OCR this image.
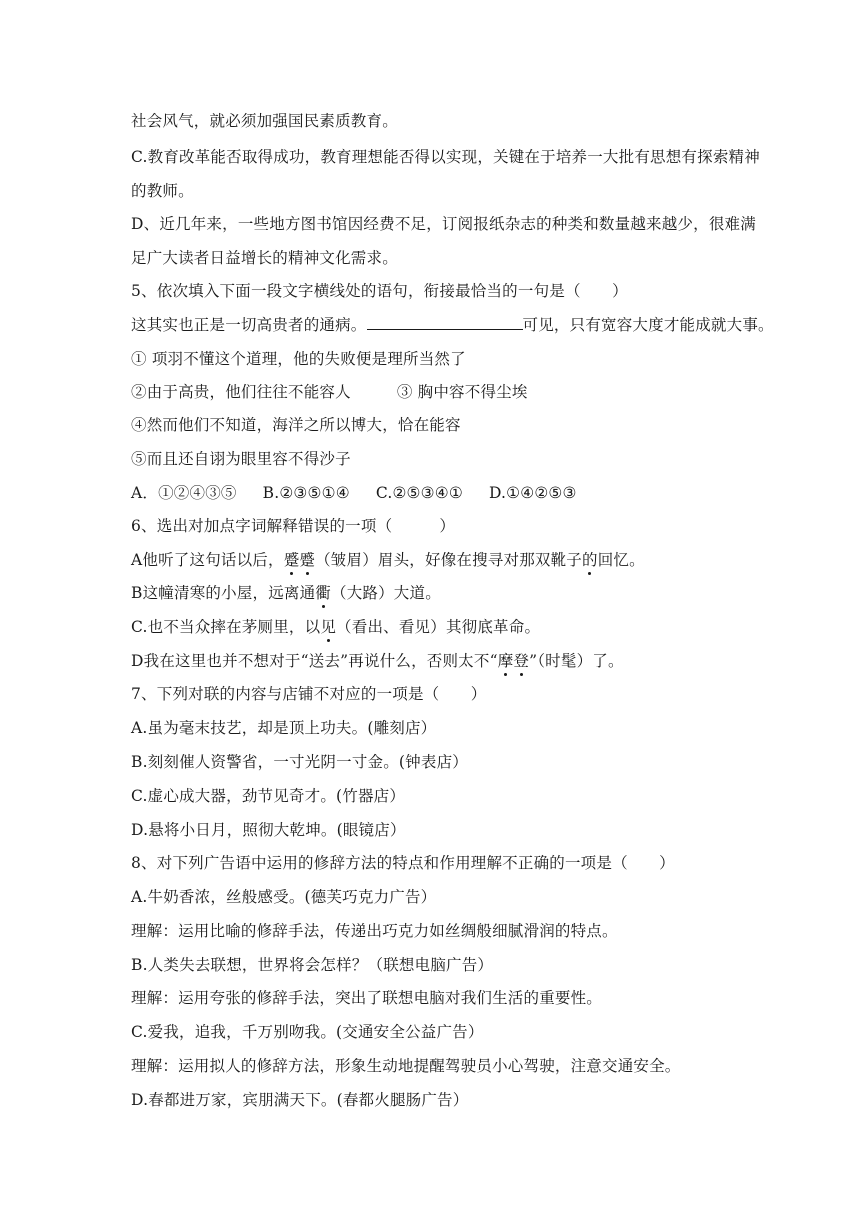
社会风气，就必须加强国民素质教育。
C.教育改革能否取得成功，教育理想能否得以实现，关键在于培养一大批有思想有探索精神
的教师。
D、近几年来，一些地方图书馆因经费不足，订阅报纸杂志的种类和数量越来越少，很难满
足广大读者日益增长的精神文化需求。
5、依次填入下面一段文字横线处的语句，衔接最恰当的一句是（　　）
这其实也正是一切高贵者的通病。	可见，只有宽容大度才能成就大事。
① 项羽不懂这个道理，他的失败便是理所当然了
②由于高贵，他们往往不能容人	③ 胸中容不得尘埃
④然而他们不知道，海洋之所以博大，恰在能容
⑤而且还自诩为眼里容不得沙子
A．①②④③⑤ B.②③⑤①④ C.②⑤③④① D.①④②⑤③
6、选出对加点字词解释错误的一项（　　　）
A他听了这句话以后，蹙蹙（皱眉）眉头，好像在搜寻对那双靴子的回忆。
B这幢清寒的小屋，远离通衢（大路）大道。
C.也不当众摔在茅厕里，以见（看出、看见）其彻底革命。
D我在这里也并不想对于“送去”再说什么，否则太不“摩登”（时髦）了。
7、下列对联的内容与店铺不对应的一项是（　　）
A.虽为毫末技艺，却是顶上功夫。(雕刻店）
B.刻刻催人资警省，一寸光阴一寸金。(钟表店）
C.虚心成大器，劲节见奇才。(竹器店）
D.悬将小日月，照彻大乾坤。(眼镜店）
8、对下列广告语中运用的修辞方法的特点和作用理解不正确的一项是（　　）
A.牛奶香浓，丝般感受。(德芙巧克力广告）
理解：运用比喻的修辞手法，传递出巧克力如丝绸般细腻滑润的特点。
B.人类失去联想，世界将会怎样？（联想电脑广告）
理解：运用夸张的修辞手法，突出了联想电脑对我们生活的重要性。
C.爱我，追我，千万别吻我。(交通安全公益广告）
理解：运用拟人的修辞方法，形象生动地提醒驾驶员小心驾驶，注意交通安全。
D.春都进万家，宾朋满天下。(春都火腿肠广告）
